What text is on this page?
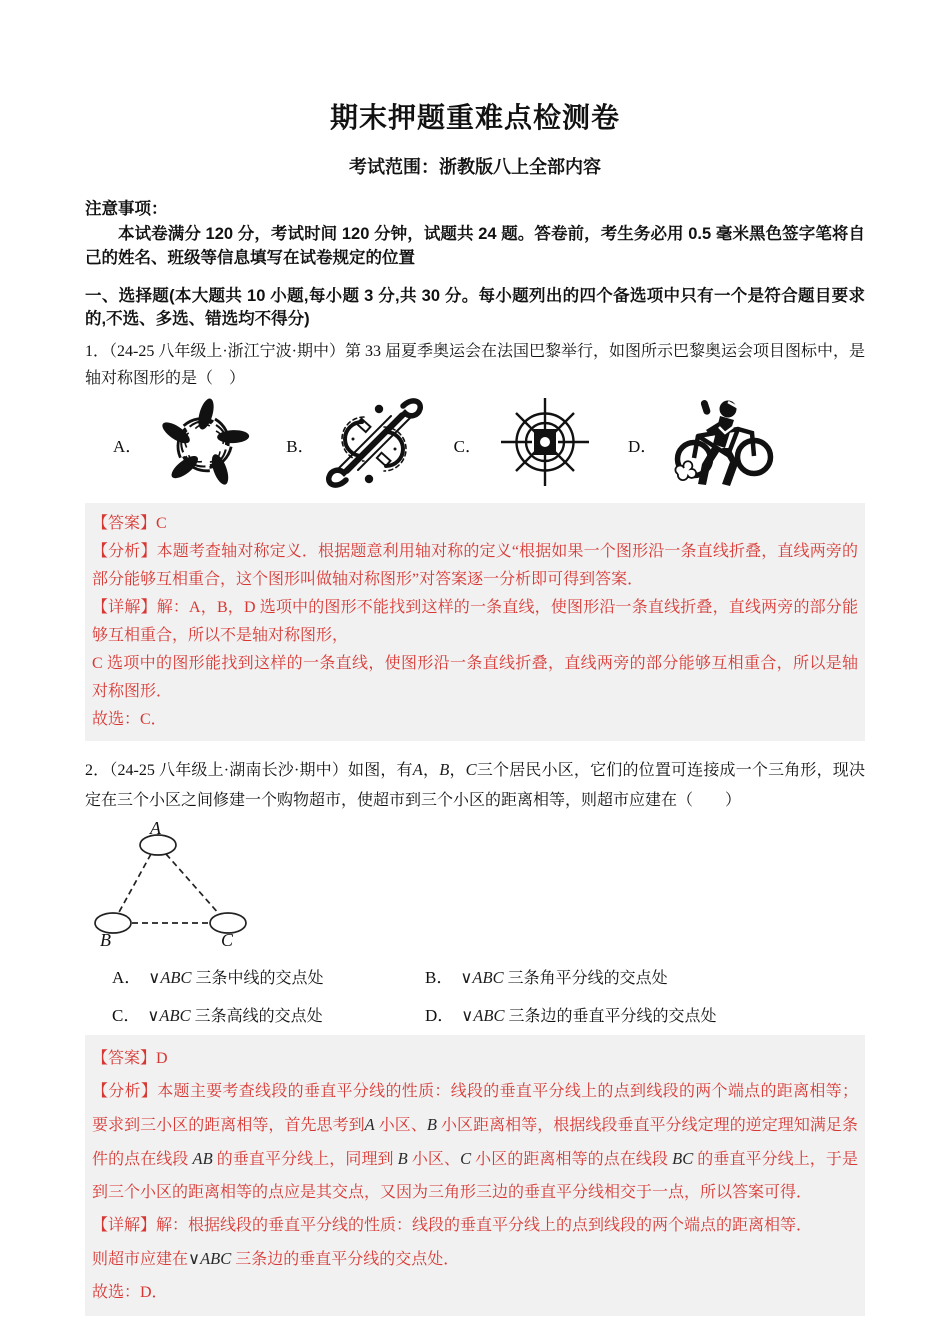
期末押题重难点检测卷
考试范围：浙教版八上全部内容

注意事项：

本试卷满分 120 分，考试时间 120 分钟，试题共 24 题。答卷前，考生务必用 0.5 毫米黑色签字笔将自己的姓名、班级等信息填写在试卷规定的位置

一、选择题(本大题共 10 小题,每小题 3 分,共 30 分。每小题列出的四个备选项中只有一个是符合题目要求的,不选、多选、错选均不得分)

1．（24-25 八年级上·浙江宁波·期中）第 33 届夏季奥运会在法国巴黎举行，如图所示巴黎奥运会项目图标中，是轴对称图形的是（　）

A．	B．	C．	D．

【答案】C

【分析】本题考查轴对称定义．根据题意利用轴对称的定义“根据如果一个图形沿一条直线折叠，直线两旁的部分能够互相重合，这个图形叫做轴对称图形”对答案逐一分析即可得到答案．

【详解】解：A，B，D 选项中的图形不能找到这样的一条直线，使图形沿一条直线折叠，直线两旁的部分能够互相重合，所以不是轴对称图形，

C 选项中的图形能找到这样的一条直线，使图形沿一条直线折叠，直线两旁的部分能够互相重合，所以是轴对称图形．

故选：C．

2．（24-25 八年级上·湖南长沙·期中）如图，有A，B，C三个居民小区，它们的位置可连接成一个三角形，现决定在三个小区之间修建一个购物超市，使超市到三个小区的距离相等，则超市应建在（　　）

A
B	C
A． ∨ABC 三条中线的交点处	B． ∨ABC 三条角平分线的交点处
C． ∨ABC 三条高线的交点处	D． ∨ABC 三条边的垂直平分线的交点处

【答案】D

【分析】本题主要考查线段的垂直平分线的性质：线段的垂直平分线上的点到线段的两个端点的距离相等；要求到三小区的距离相等，首先思考到A 小区、B 小区距离相等，根据线段垂直平分线定理的逆定理知满足条件的点在线段 AB 的垂直平分线上，同理到 B 小区、C 小区的距离相等的点在线段 BC 的垂直平分线上，于是到三个小区的距离相等的点应是其交点，又因为三角形三边的垂直平分线相交于一点，所以答案可得．

【详解】解：根据线段的垂直平分线的性质：线段的垂直平分线上的点到线段的两个端点的距离相等．

则超市应建在∨ABC 三条边的垂直平分线的交点处．

故选：D．
